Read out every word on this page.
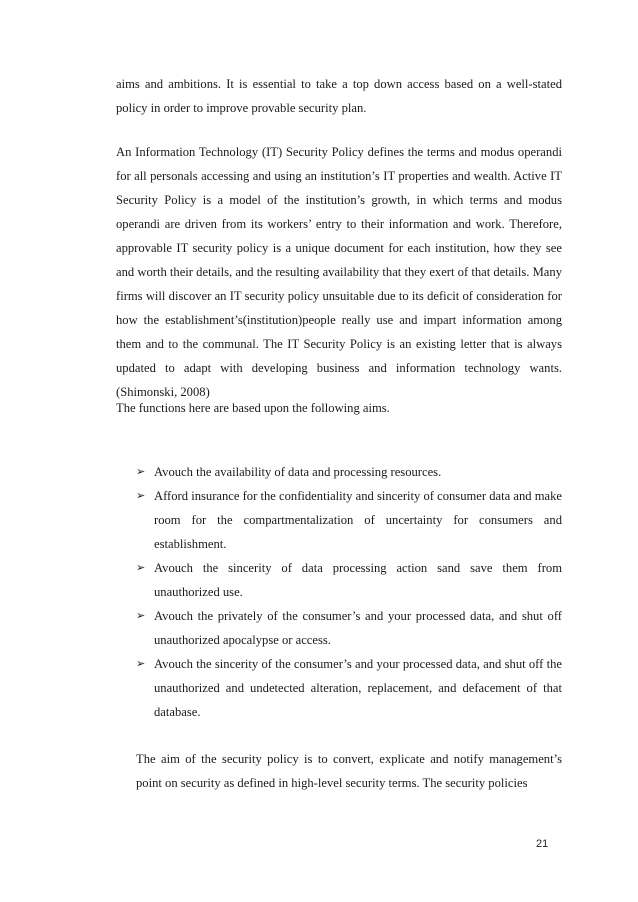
aims and ambitions. It is essential to take a top down access based on a well-stated policy in order to improve provable security plan.

An Information Technology (IT) Security Policy defines the terms and modus operandi for all personals accessing and using an institution’s IT properties and wealth. Active IT Security Policy is a model of the institution’s growth, in which terms and modus operandi are driven from its workers’ entry to their information and work. Therefore, approvable IT security policy is a unique document for each institution, how they see and worth their details, and the resulting availability that they exert of that details. Many firms will discover an IT security policy unsuitable due to its deficit of consideration for how the establishment’s(institution)people really use and impart information among them and to the communal. The IT Security Policy is an existing letter that is always updated to adapt with developing business and information technology wants.(Shimonski, 2008)

The functions here are based upon the following aims.

➢ Avouch the availability of data and processing resources.
➢ Afford insurance for the confidentiality and sincerity of consumer data and make room for the compartmentalization of uncertainty for consumers and establishment.
➢ Avouch the sincerity of data processing action sand save them from unauthorized use.
➢ Avouch the privately of the consumer’s and your processed data, and shut off unauthorized apocalypse or access.
➢ Avouch the sincerity of the consumer’s and your processed data, and shut off the unauthorized and undetected alteration, replacement, and defacement of that database.

The aim of the security policy is to convert, explicate and notify management’s point on security as defined in high-level security terms. The security policies

21
